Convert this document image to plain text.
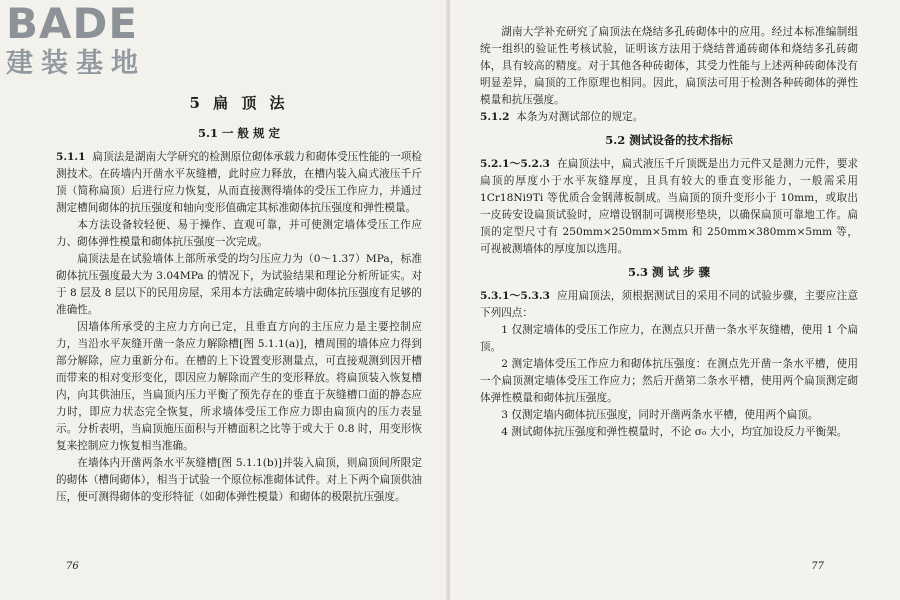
BADE
建装基地
5 扁 顶 法
5.1 一 般 规 定

5.1.1 扁顶法是湖南大学研究的检测原位砌体承载力和砌体受压性能的一项检测技术。在砖墙内开凿水平灰缝槽，此时应力释放，在槽内装入扁式液压千斤顶（简称扁顶）后进行应力恢复，从而直接测得墙体的受压工作应力，并通过测定槽间砌体的抗压强度和轴向变形值确定其标准砌体抗压强度和弹性模量。

本方法设备较轻便、易于操作、直观可靠，并可使测定墙体受压工作应力、砌体弹性模量和砌体抗压强度一次完成。

扁顶法是在试验墙体上部所承受的均匀压应力为（0～1.37）MPa，标准砌体抗压强度最大为 3.04MPa 的情况下，为试验结果和理论分析所证实。对于 8 层及 8 层以下的民用房屋，采用本方法确定砖墙中砌体抗压强度有足够的准确性。

因墙体所承受的主应力方向已定，且垂直方向的主压应力是主要控制应力，当沿水平灰缝开凿一条应力解除槽[图 5.1.1(a)]，槽周围的墙体应力得到部分解除，应力重新分布。在槽的上下设置变形测量点，可直接观测到因开槽而带来的相对变形变化，即因应力解除而产生的变形释放。将扁顶装入恢复槽内，向其供油压，当扁顶内压力平衡了预先存在的垂直于灰缝槽口面的静态应力时，即应力状态完全恢复，所求墙体受压工作应力即由扁顶内的压力表显示。分析表明，当扁顶施压面积与开槽面积之比等于或大于 0.8 时，用变形恢复来控制应力恢复相当准确。

在墙体内开凿两条水平灰缝槽[图 5.1.1(b)]并装入扁顶，则扁顶间所限定的砌体（槽间砌体），相当于试验一个原位标准砌体试件。对上下两个扁顶供油压，便可测得砌体的变形特征（如砌体弹性模量）和砌体的极限抗压强度。

76

湖南大学补充研究了扁顶法在烧结多孔砖砌体中的应用。经过本标准编制组统一组织的验证性考核试验，证明该方法用于烧结普通砖砌体和烧结多孔砖砌体，具有较高的精度。对于其他各种砖砌体，其受力性能与上述两种砖砌体没有明显差异，扁顶的工作原理也相同。因此，扁顶法可用于检测各种砖砌体的弹性模量和抗压强度。

5.1.2 本条为对测试部位的规定。

5.2 测试设备的技术指标

5.2.1～5.2.3 在扁顶法中，扁式液压千斤顶既是出力元件又是测力元件，要求扁顶的厚度小于水平灰缝厚度，且具有较大的垂直变形能力，一般需采用 1Cr18Ni9Ti 等优质合金钢薄板制成。当扁顶的顶升变形小于 10mm，或取出一皮砖安设扁顶试验时，应增设钢制可调楔形垫块，以确保扁顶可靠地工作。扁顶的定型尺寸有 250mm×250mm×5mm 和 250mm×380mm×5mm 等，可视被测墙体的厚度加以选用。

5.3 测 试 步 骤

5.3.1～5.3.3 应用扁顶法，须根据测试目的采用不同的试验步骤，主要应注意下列四点：

1 仅测定墙体的受压工作应力，在测点只开凿一条水平灰缝槽，使用 1 个扁顶。

2 测定墙体受压工作应力和砌体抗压强度：在测点先开凿一条水平槽，使用一个扁顶测定墙体受压工作应力；然后开凿第二条水平槽，使用两个扁顶测定砌体弹性模量和砌体抗压强度。

3 仅测定墙内砌体抗压强度，同时开凿两条水平槽，使用两个扁顶。

4 测试砌体抗压强度和弹性模量时，不论 σ₀ 大小，均宜加设反力平衡架。

77
